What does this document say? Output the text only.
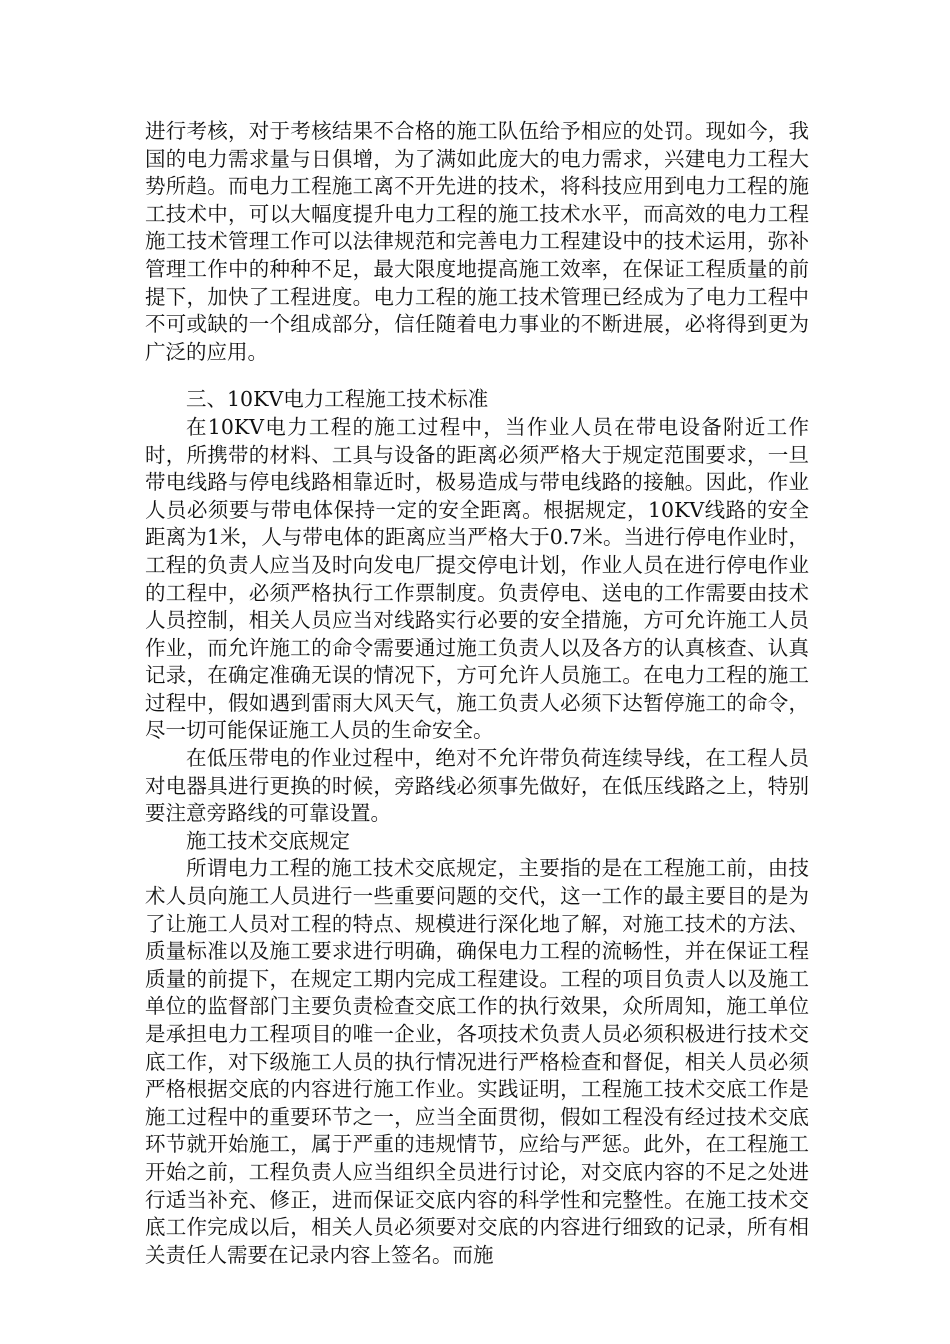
进行考核，对于考核结果不合格的施工队伍给予相应的处罚。现如今，我国的电力需求量与日俱增，为了满如此庞大的电力需求，兴建电力工程大势所趋。而电力工程施工离不开先进的技术，将科技应用到电力工程的施工技术中，可以大幅度提升电力工程的施工技术水平，而高效的电力工程施工技术管理工作可以法律规范和完善电力工程建设中的技术运用，弥补管理工作中的种种不足，最大限度地提高施工效率，在保证工程质量的前提下，加快了工程进度。电力工程的施工技术管理已经成为了电力工程中不可或缺的一个组成部分，信任随着电力事业的不断进展，必将得到更为广泛的应用。

三、10KV电力工程施工技术标准

在10KV电力工程的施工过程中，当作业人员在带电设备附近工作时，所携带的材料、工具与设备的距离必须严格大于规定范围要求，一旦带电线路与停电线路相靠近时，极易造成与带电线路的接触。因此，作业人员必须要与带电体保持一定的安全距离。根据规定，10KV线路的安全距离为1米，人与带电体的距离应当严格大于0.7米。当进行停电作业时，工程的负责人应当及时向发电厂提交停电计划，作业人员在进行停电作业的工程中，必须严格执行工作票制度。负责停电、送电的工作需要由技术人员控制，相关人员应当对线路实行必要的安全措施，方可允许施工人员作业，而允许施工的命令需要通过施工负责人以及各方的认真核查、认真记录，在确定准确无误的情况下，方可允许人员施工。在电力工程的施工过程中，假如遇到雷雨大风天气，施工负责人必须下达暂停施工的命令，尽一切可能保证施工人员的生命安全。

在低压带电的作业过程中，绝对不允许带负荷连续导线，在工程人员对电器具进行更换的时候，旁路线必须事先做好，在低压线路之上，特别要注意旁路线的可靠设置。

施工技术交底规定

所谓电力工程的施工技术交底规定，主要指的是在工程施工前，由技术人员向施工人员进行一些重要问题的交代，这一工作的最主要目的是为了让施工人员对工程的特点、规模进行深化地了解，对施工技术的方法、质量标准以及施工要求进行明确，确保电力工程的流畅性，并在保证工程质量的前提下，在规定工期内完成工程建设。工程的项目负责人以及施工单位的监督部门主要负责检查交底工作的执行效果，众所周知，施工单位是承担电力工程项目的唯一企业，各项技术负责人员必须积极进行技术交底工作，对下级施工人员的执行情况进行严格检查和督促，相关人员必须严格根据交底的内容进行施工作业。实践证明，工程施工技术交底工作是施工过程中的重要环节之一，应当全面贯彻，假如工程没有经过技术交底环节就开始施工，属于严重的违规情节，应给与严惩。此外，在工程施工开始之前，工程负责人应当组织全员进行讨论，对交底内容的不足之处进行适当补充、修正，进而保证交底内容的科学性和完整性。在施工技术交底工作完成以后，相关人员必须要对交底的内容进行细致的记录，所有相关责任人需要在记录内容上签名。而施
